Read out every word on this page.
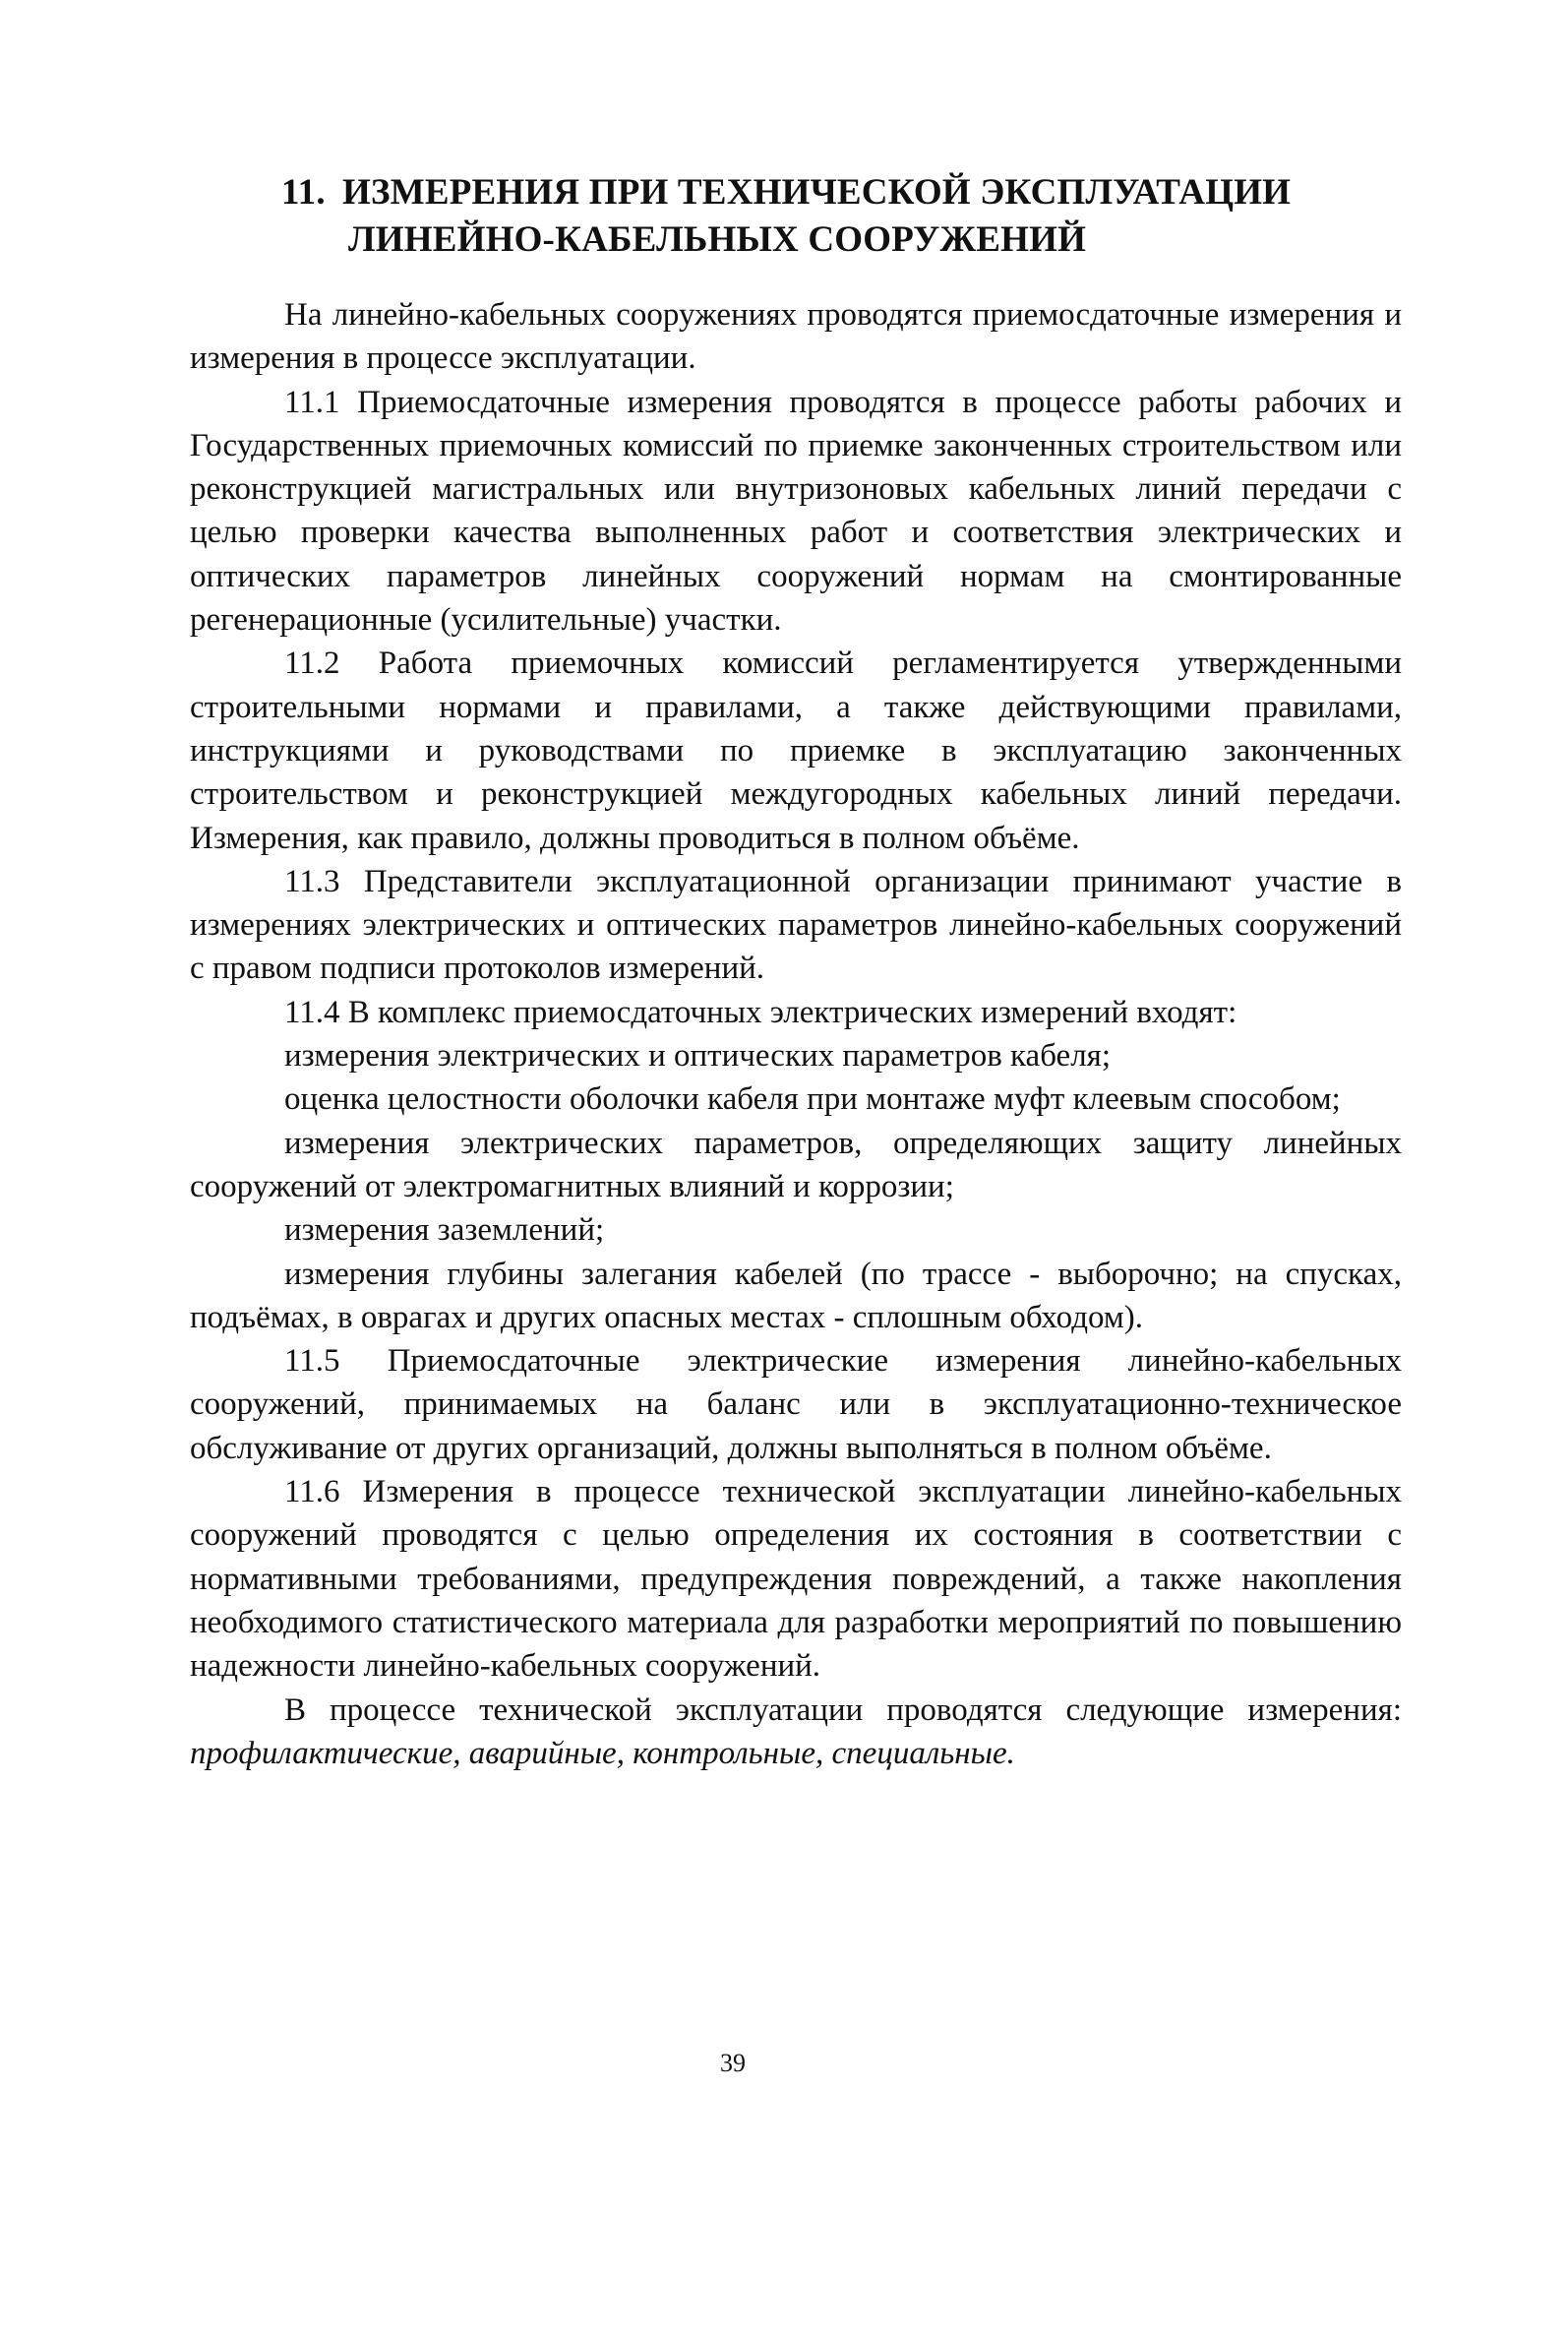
11. ИЗМЕРЕНИЯ ПРИ ТЕХНИЧЕСКОЙ ЭКСПЛУАТАЦИИ
ЛИНЕЙНО-КАБЕЛЬНЫХ СООРУЖЕНИЙ

На линейно-кабельных сооружениях проводятся приемосдаточные измерения и измерения в процессе эксплуатации.

11.1 Приемосдаточные измерения проводятся в процессе работы рабочих и Государственных приемочных комиссий по приемке законченных строительством или реконструкцией магистральных или внутризоновых кабельных линий передачи с целью проверки качества выполненных работ и соответствия электрических и оптических параметров линейных сооружений нормам на смонтированные регенерационные (усилительные) участки.

11.2 Работа приемочных комиссий регламентируется утвержденными строительными нормами и правилами, а также действующими правилами, инструкциями и руководствами по приемке в эксплуатацию законченных строительством и реконструкцией междугородных кабельных линий передачи. Измерения, как правило, должны проводиться в полном объёме.

11.3 Представители эксплуатационной организации принимают участие в измерениях электрических и оптических параметров линейно-кабельных сооружений с правом подписи протоколов измерений.

11.4 В комплекс приемосдаточных электрических измерений входят:

измерения электрических и оптических параметров кабеля;

оценка целостности оболочки кабеля при монтаже муфт клеевым способом;

измерения электрических параметров, определяющих защиту линейных сооружений от электромагнитных влияний и коррозии;

измерения заземлений;

измерения глубины залегания кабелей (по трассе - выборочно; на спусках, подъёмах, в оврагах и других опасных местах - сплошным обходом).

11.5 Приемосдаточные электрические измерения линейно-кабельных сооружений, принимаемых на баланс или в эксплуатационно-техническое обслуживание от других организаций, должны выполняться в полном объёме.

11.6 Измерения в процессе технической эксплуатации линейно-кабельных сооружений проводятся с целью определения их состояния в соответствии с нормативными требованиями, предупреждения повреждений, а также накопления необходимого статистического материала для разработки мероприятий по повышению надежности линейно-кабельных сооружений.

В процессе технической эксплуатации проводятся следующие измерения: профилактические, аварийные, контрольные, специальные.

39
